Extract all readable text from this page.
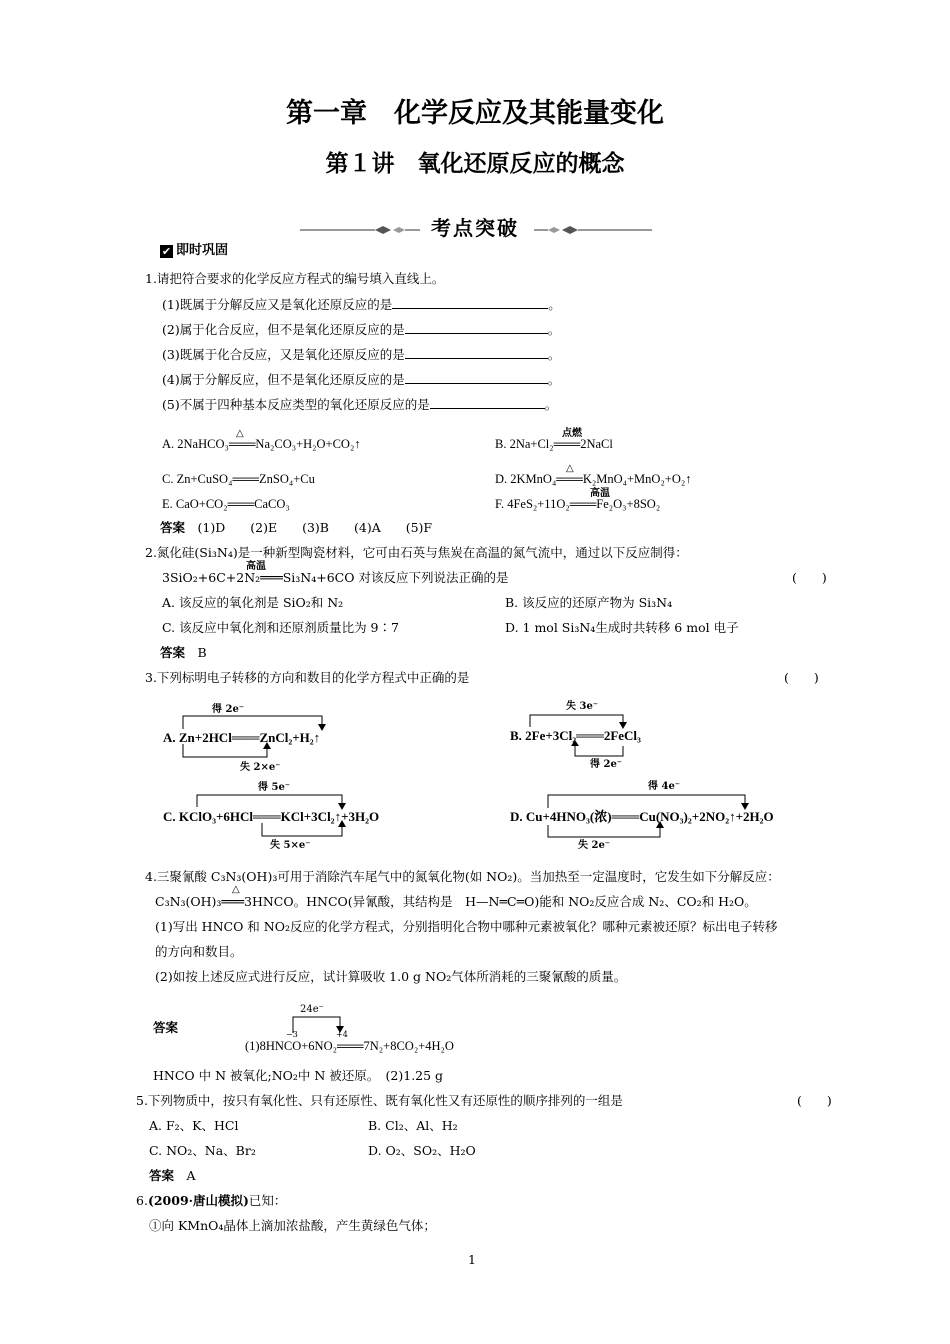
第一章　化学反应及其能量变化
第１讲　氧化还原反应的概念
考点突破
✔ 即时巩固
1.请把符合要求的化学反应方程式的编号填入直线上。
(1)既属于分解反应又是氧化还原反应的是	。
(2)属于化合反应，但不是氧化还原反应的是	。
(3)既属于化合反应，又是氧化还原反应的是	。
(4)属于分解反应，但不是氧化还原反应的是	。
(5)不属于四种基本反应类型的氧化还原反应的是	。
△
A. 2NaHCO₃═══Na₂CO₃+H₂O+CO₂↑
点燃
B. 2Na+Cl₂═══2NaCl
C. Zn+CuSO₄═══ZnSO₄+Cu
△
D. 2KMnO₄═══K₂MnO₄+MnO₂+O₂↑
E. CaO+CO₂═══CaCO₃
高温
F. 4FeS₂+11O₂═══Fe₂O₃+8SO₂
答案　 (1)D　　(2)E　　(3)B　　(4)A　　(5)F
2.氮化硅(Si₃N₄)是一种新型陶瓷材料，它可由石英与焦炭在高温的氮气流中，通过以下反应制得：
高温
3SiO₂+6C+2N₂═══Si₃N₄+6CO 对该反应下列说法正确的是	(　　)
A. 该反应的氧化剂是 SiO₂和 N₂	B. 该反应的还原产物为 Si₃N₄
C. 该反应中氧化剂和还原剂质量比为 9∶7	D. 1 mol Si₃N₄生成时共转移 6 mol 电子
答案　 B
3.下列标明电子转移的方向和数目的化学方程式中正确的是	(　　)
得 2e⁻
A. Zn+2HCl═══ZnCl₂+H₂↑
失 2×e⁻
失 3e⁻
B. 2Fe+3Cl₂═══2FeCl₃
得 2e⁻
得 5e⁻
C. KClO₃+6HCl═══KCl+3Cl₂↑+3H₂O
失 5×e⁻
得 4e⁻
D. Cu+4HNO₃(浓)═══Cu(NO₃)₂+2NO₂↑+2H₂O
失 2e⁻
4.三聚氰酸 C₃N₃(OH)₃可用于消除汽车尾气中的氮氧化物(如 NO₂)。当加热至一定温度时，它发生如下分解反应：
△
C₃N₃(OH)₃═══3HNCO。HNCO(异氰酸，其结构是　H—N═C═O)能和 NO₂反应合成 N₂、CO₂和 H₂O。
(1)写出 HNCO 和 NO₂反应的化学方程式，分别指明化合物中哪种元素被氧化？哪种元素被还原？标出电子转移
的方向和数目。
(2)如按上述反应式进行反应，试计算吸收 1.0 g NO₂气体所消耗的三聚氰酸的质量。
答案
24e⁻
−3	+4
(1)8HNCO+6NO₂═══7N₂+8CO₂+4H₂O
HNCO 中 N 被氧化;NO₂中 N 被还原。　(2)1.25 g
5.下列物质中，按只有氧化性、只有还原性、既有氧化性又有还原性的顺序排列的一组是	(　　)
A. F₂、K、HCl	B. Cl₂、Al、H₂
C. NO₂、Na、Br₂	D. O₂、SO₂、H₂O
答案　 A
6.(2009·唐山模拟)已知：
①向 KMnO₄晶体上滴加浓盐酸，产生黄绿色气体；
1
